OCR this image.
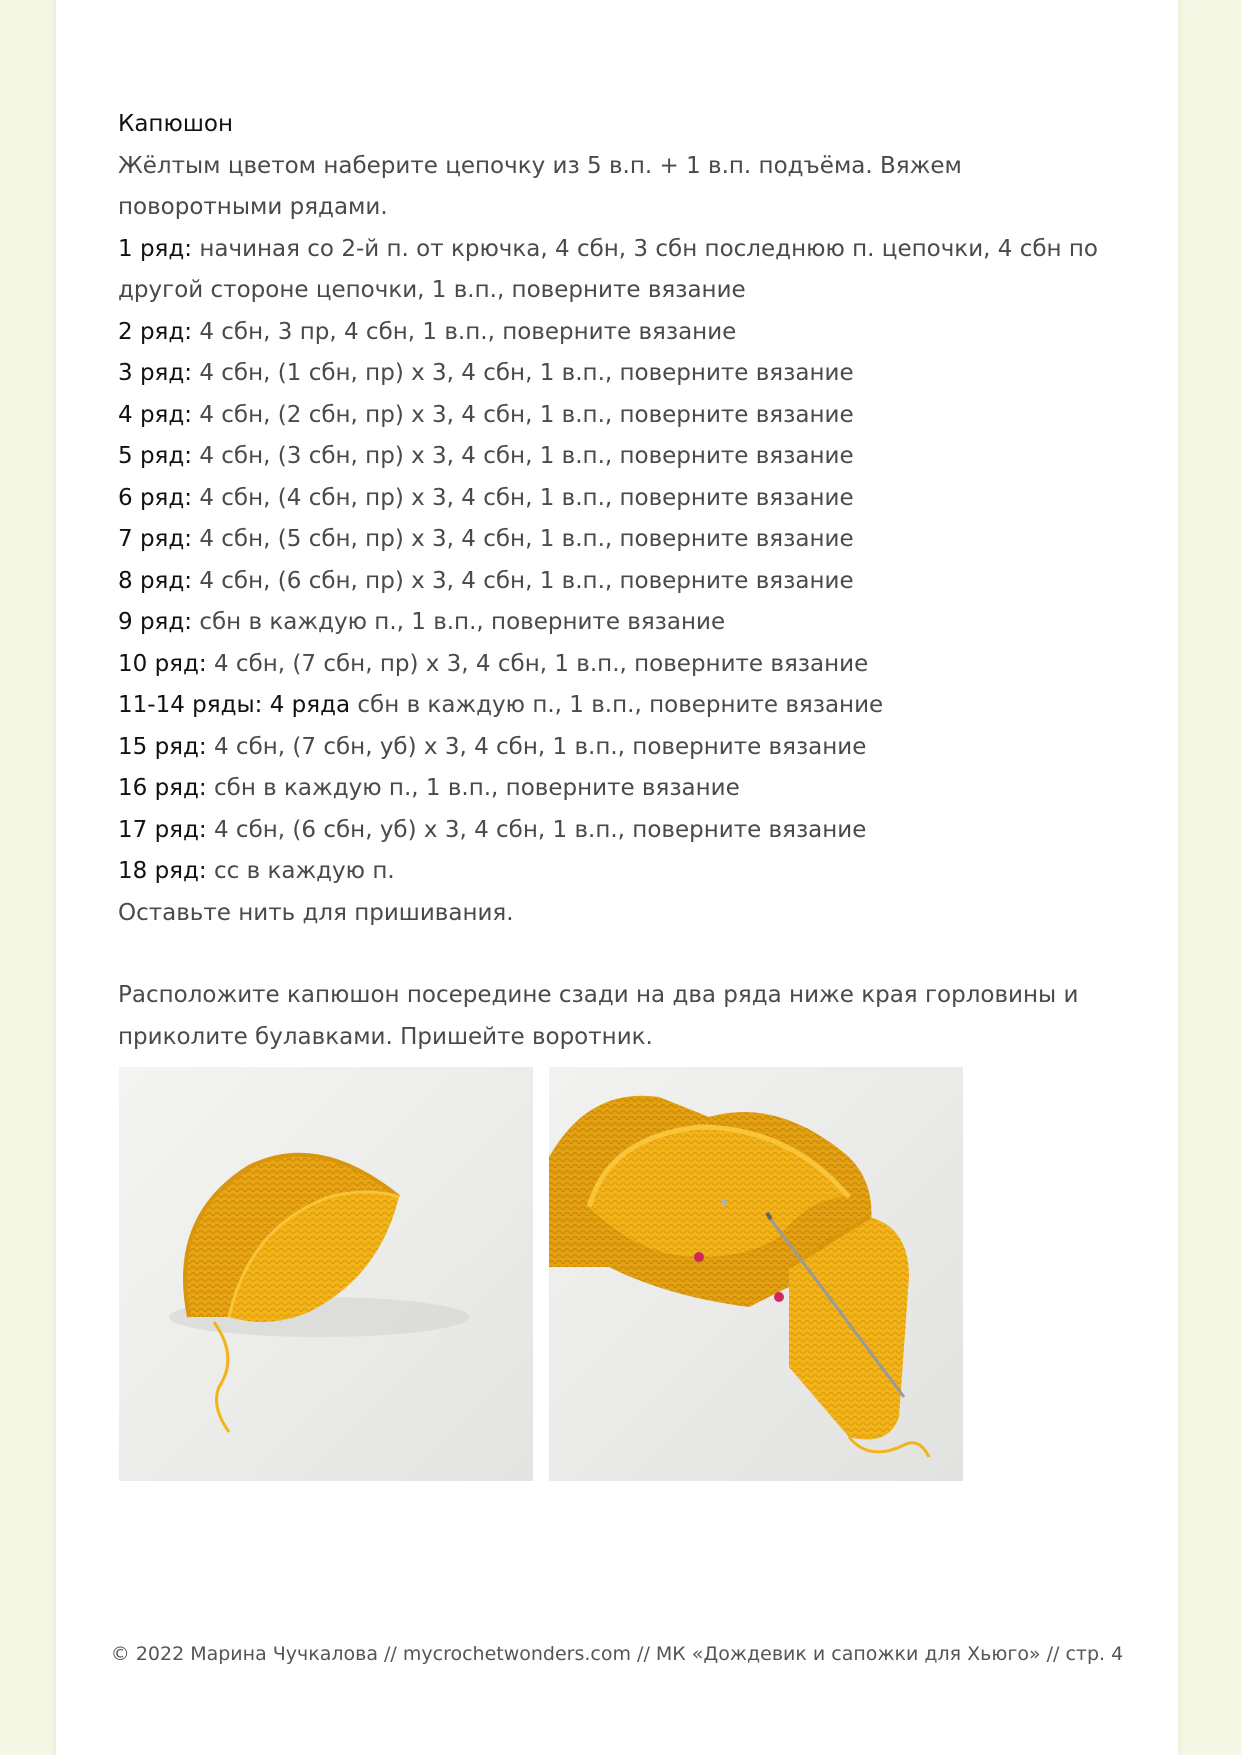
Капюшон

Жёлтым цветом наберите цепочку из 5 в.п. + 1 в.п. подъёма. Вяжем поворотными рядами.

1 ряд: начиная со 2-й п. от крючка, 4 сбн, 3 сбн последнюю п. цепочки, 4 сбн по другой стороне цепочки, 1 в.п., поверните вязание
2 ряд: 4 сбн, 3 пр, 4 сбн, 1 в.п., поверните вязание
3 ряд: 4 сбн, (1 сбн, пр) х 3, 4 сбн, 1 в.п., поверните вязание
4 ряд: 4 сбн, (2 сбн, пр) х 3, 4 сбн, 1 в.п., поверните вязание
5 ряд: 4 сбн, (3 сбн, пр) х 3, 4 сбн, 1 в.п., поверните вязание
6 ряд: 4 сбн, (4 сбн, пр) х 3, 4 сбн, 1 в.п., поверните вязание
7 ряд: 4 сбн, (5 сбн, пр) х 3, 4 сбн, 1 в.п., поверните вязание
8 ряд: 4 сбн, (6 сбн, пр) х 3, 4 сбн, 1 в.п., поверните вязание
9 ряд: сбн в каждую п., 1 в.п., поверните вязание
10 ряд: 4 сбн, (7 сбн, пр) х 3, 4 сбн, 1 в.п., поверните вязание
11-14 ряды: 4 ряда сбн в каждую п., 1 в.п., поверните вязание
15 ряд: 4 сбн, (7 сбн, уб) х 3, 4 сбн, 1 в.п., поверните вязание
16 ряд: сбн в каждую п., 1 в.п., поверните вязание
17 ряд: 4 сбн, (6 сбн, уб) х 3, 4 сбн, 1 в.п., поверните вязание
18 ряд: сс в каждую п.

Оставьте нить для пришивания.

Расположите капюшон посередине сзади на два ряда ниже края горловины и приколите булавками. Пришейте воротник.

© 2022 Марина Чучкалова // mycrochetwonders.com // МК «Дождевик и сапожки для Хьюго» // стр. 4
